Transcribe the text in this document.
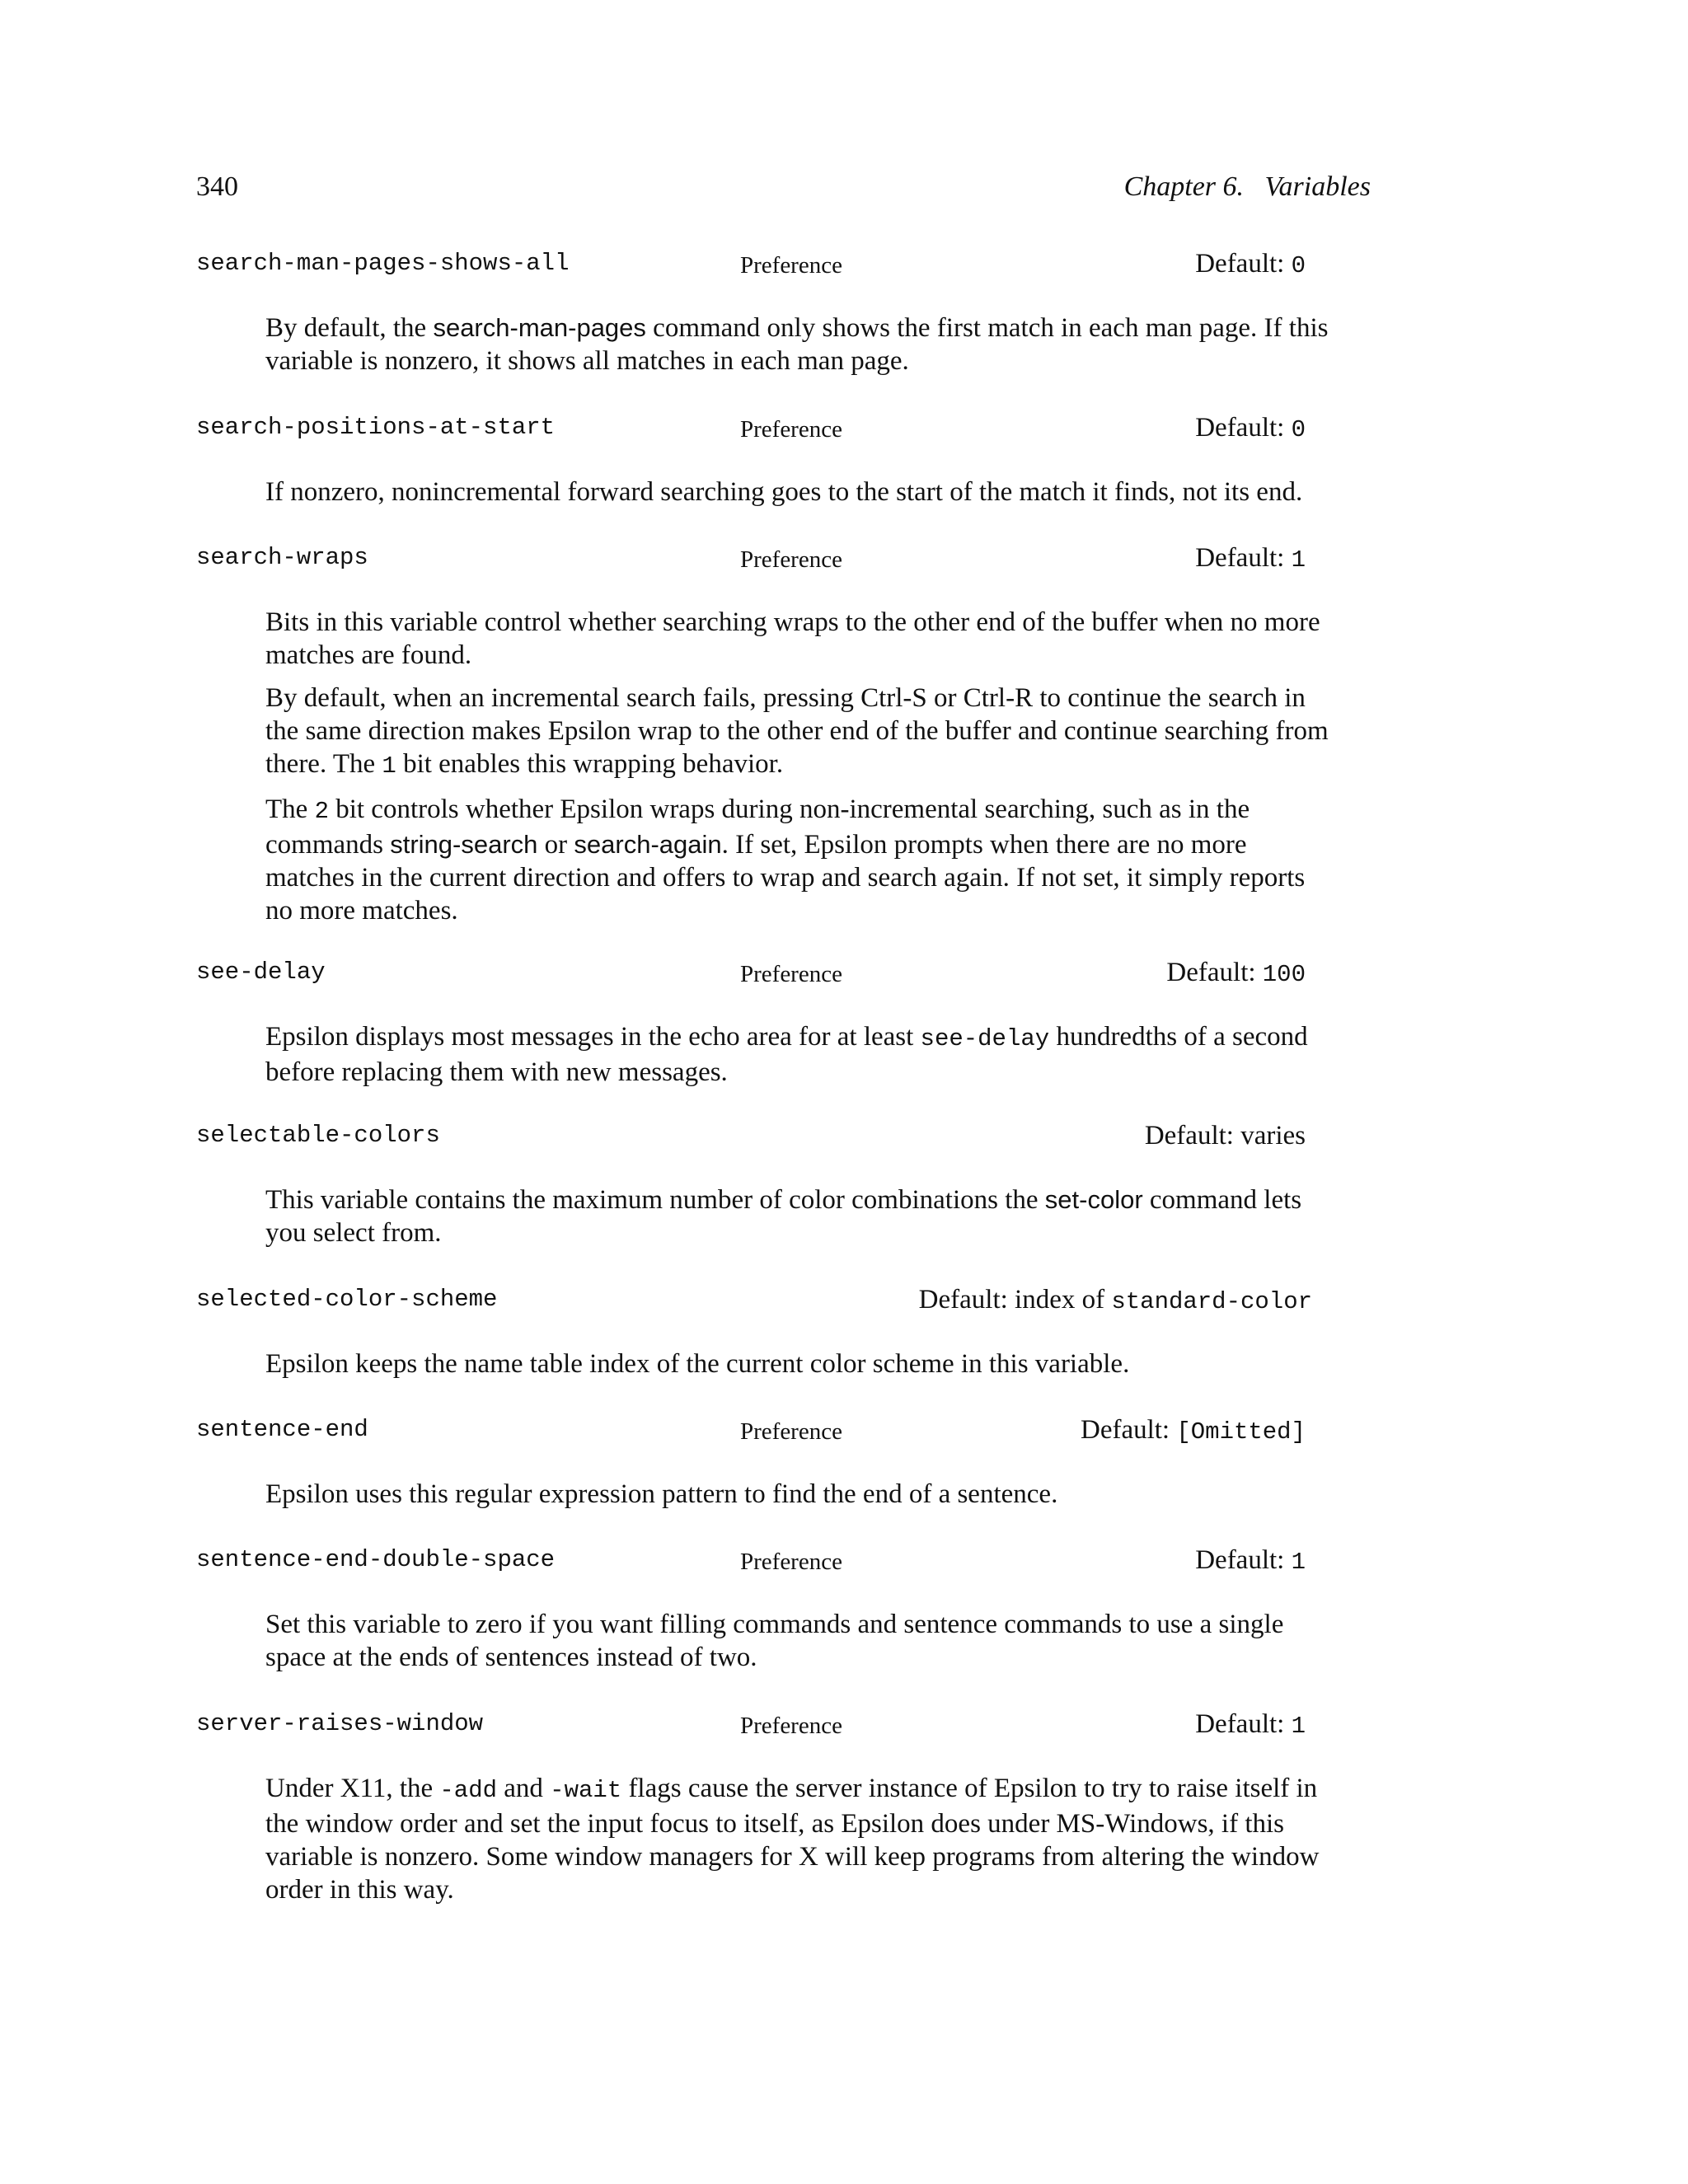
340	Chapter 6.   Variables
search-man-pages-shows-all	Preference	Default: 0

By default, the search-man-pages command only shows the first match in each man page. If this variable is nonzero, it shows all matches in each man page.

search-positions-at-start	Preference	Default: 0

If nonzero, nonincremental forward searching goes to the start of the match it finds, not its end.

search-wraps	Preference	Default: 1

Bits in this variable control whether searching wraps to the other end of the buffer when no more matches are found.

By default, when an incremental search fails, pressing Ctrl-S or Ctrl-R to continue the search in the same direction makes Epsilon wrap to the other end of the buffer and continue searching from there. The 1 bit enables this wrapping behavior.

The 2 bit controls whether Epsilon wraps during non-incremental searching, such as in the commands string-search or search-again. If set, Epsilon prompts when there are no more matches in the current direction and offers to wrap and search again. If not set, it simply reports no more matches.

see-delay	Preference	Default: 100

Epsilon displays most messages in the echo area for at least see-delay hundredths of a second before replacing them with new messages.

selectable-colors	Default: varies

This variable contains the maximum number of color combinations the set-color command lets you select from.

selected-color-scheme	Default: index of standard-color

Epsilon keeps the name table index of the current color scheme in this variable.

sentence-end	Preference	Default: [Omitted]

Epsilon uses this regular expression pattern to find the end of a sentence.

sentence-end-double-space	Preference	Default: 1

Set this variable to zero if you want filling commands and sentence commands to use a single space at the ends of sentences instead of two.

server-raises-window	Preference	Default: 1

Under X11, the -add and -wait flags cause the server instance of Epsilon to try to raise itself in the window order and set the input focus to itself, as Epsilon does under MS-Windows, if this variable is nonzero. Some window managers for X will keep programs from altering the window order in this way.
